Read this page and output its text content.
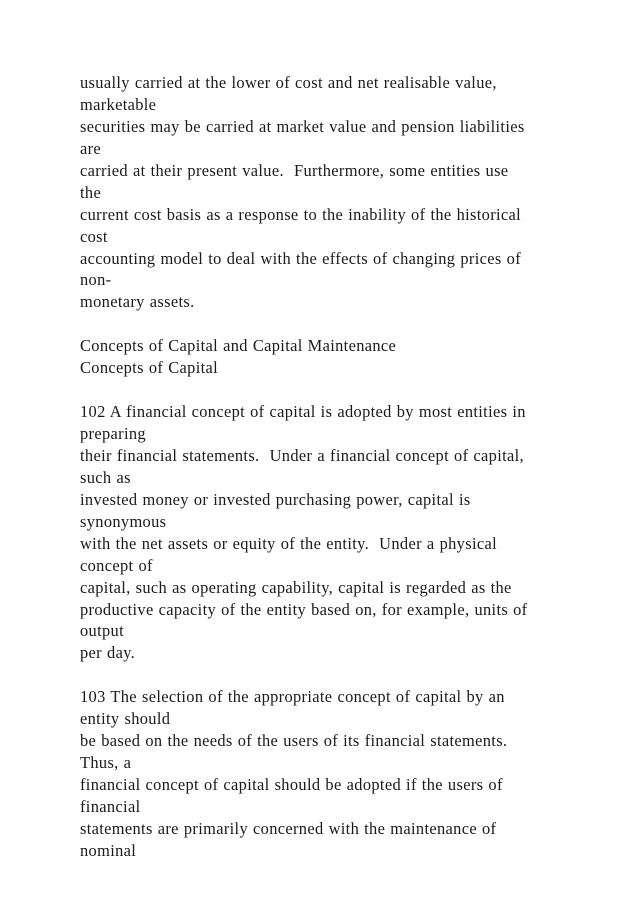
usually carried at the lower of cost and net realisable value,
marketable
securities may be carried at market value and pension liabilities
are
carried at their present value.  Furthermore, some entities use
the
current cost basis as a response to the inability of the historical
cost
accounting model to deal with the effects of changing prices of
non-
monetary assets.
Concepts of Capital and Capital Maintenance
Concepts of Capital
102 A financial concept of capital is adopted by most entities in
preparing
their financial statements.  Under a financial concept of capital,
such as
invested money or invested purchasing power, capital is
synonymous
with the net assets or equity of the entity.  Under a physical
concept of
capital, such as operating capability, capital is regarded as the
productive capacity of the entity based on, for example, units of
output
per day.
103 The selection of the appropriate concept of capital by an
entity should
be based on the needs of the users of its financial statements.
Thus, a
financial concept of capital should be adopted if the users of
financial
statements are primarily concerned with the maintenance of
nominal
